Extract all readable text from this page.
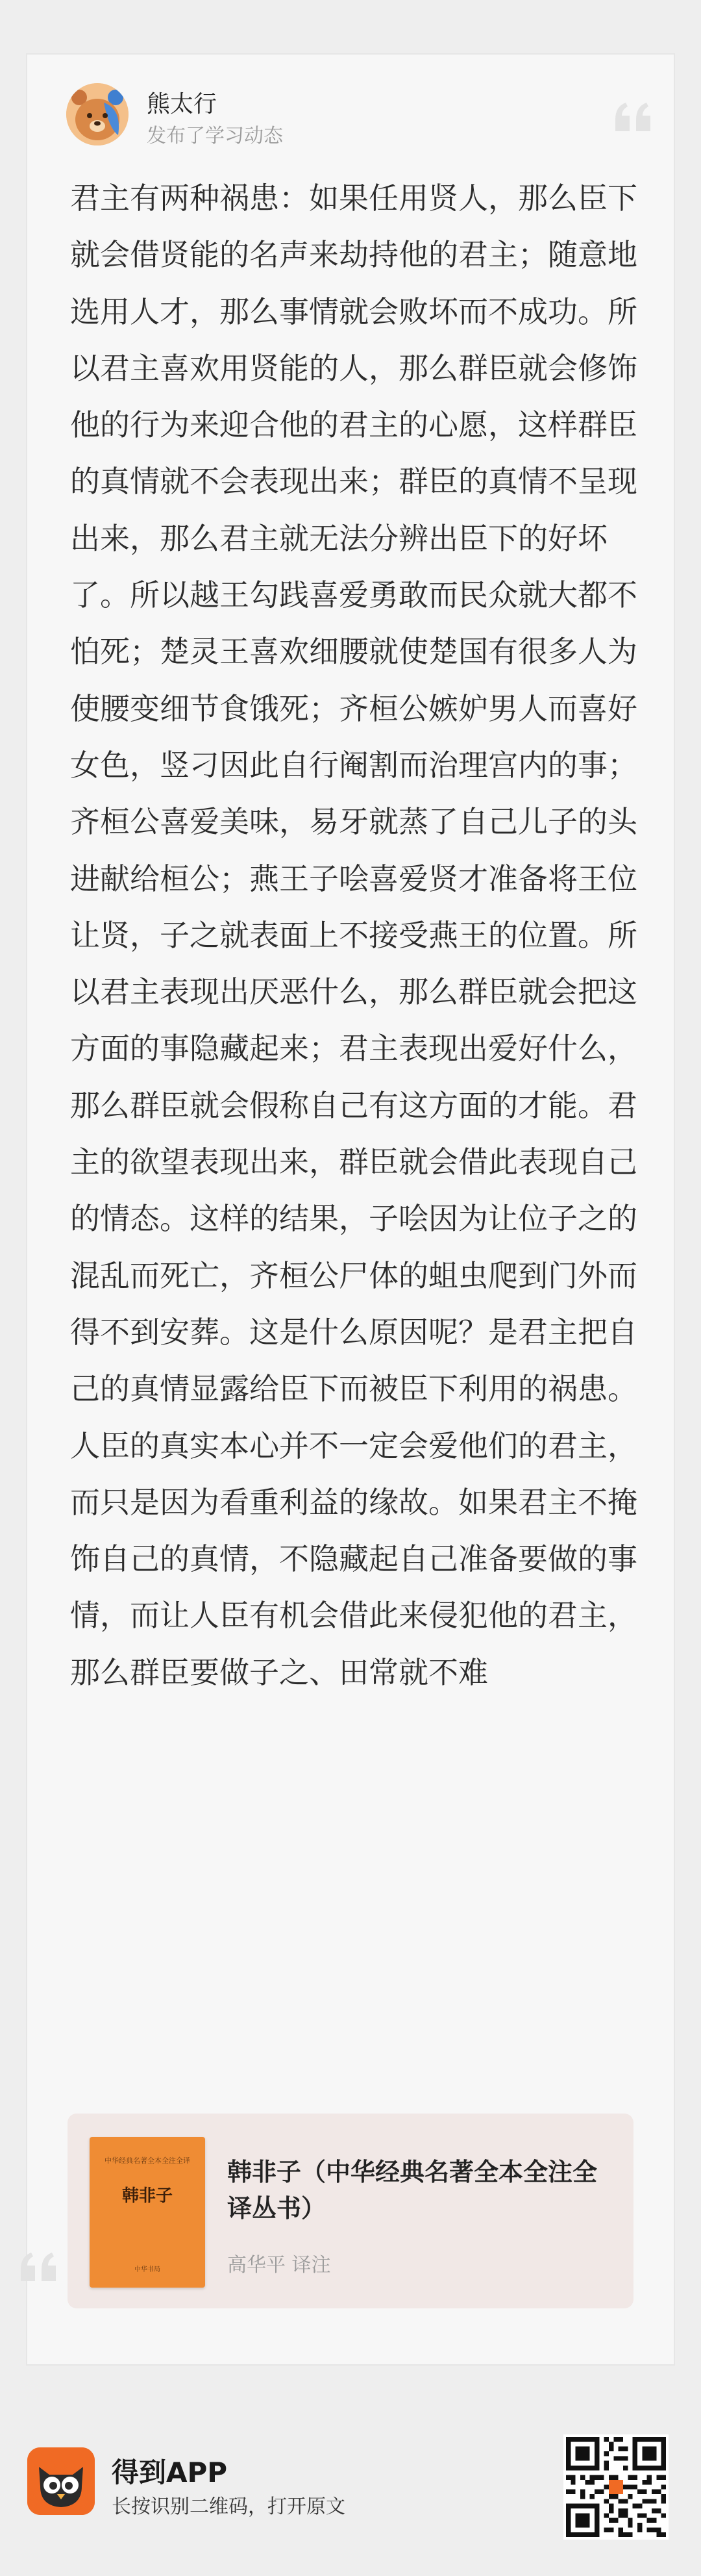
熊太行
发布了学习动态

君主有两种祸患：如果任用贤人，那么臣下就会借贤能的名声来劫持他的君主；随意地选用人才，那么事情就会败坏而不成功。所以君主喜欢用贤能的人，那么群臣就会修饰他的行为来迎合他的君主的心愿，这样群臣的真情就不会表现出来；群臣的真情不呈现出来，那么君主就无法分辨出臣下的好坏了。所以越王勾践喜爱勇敢而民众就大都不怕死；楚灵王喜欢细腰就使楚国有很多人为使腰变细节食饿死；齐桓公嫉妒男人而喜好女色，竖刁因此自行阉割而治理宫内的事；齐桓公喜爱美味，易牙就蒸了自己儿子的头进献给桓公；燕王子哙喜爱贤才准备将王位让贤，子之就表面上不接受燕王的位置。所以君主表现出厌恶什么，那么群臣就会把这方面的事隐藏起来；君主表现出爱好什么，那么群臣就会假称自己有这方面的才能。君主的欲望表现出来，群臣就会借此表现自己的情态。这样的结果，子哙因为让位子之的混乱而死亡，齐桓公尸体的蛆虫爬到门外而得不到安葬。这是什么原因呢？是君主把自己的真情显露给臣下而被臣下利用的祸患。人臣的真实本心并不一定会爱他们的君主，而只是因为看重利益的缘故。如果君主不掩饰自己的真情，不隐藏起自己准备要做的事情，而让人臣有机会借此来侵犯他的君主，那么群臣要做子之、田常就不难

中华经典名著全本全注全译
韩非子
中华书局
韩非子（中华经典名著全本全注全译丛书）
高华平 译注
得到APP
长按识别二维码，打开原文
